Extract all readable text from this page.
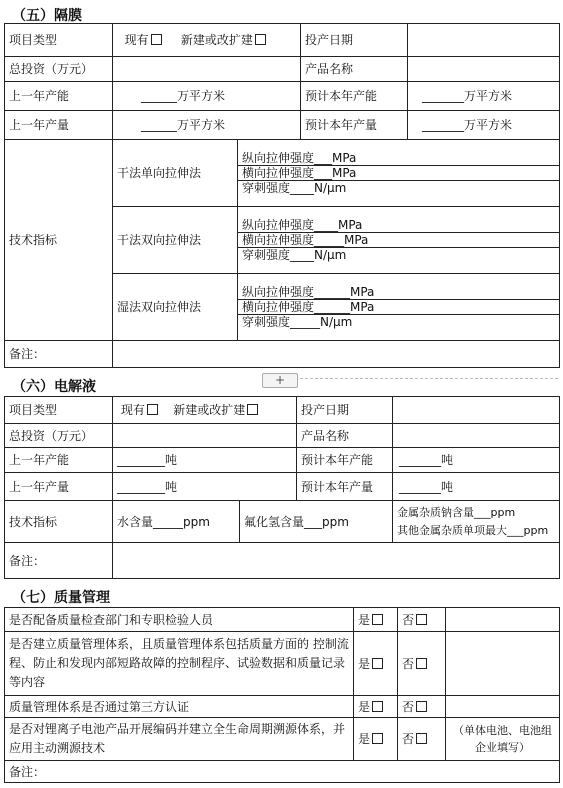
（五）隔膜
项目类型	现有 新建或改扩建		投产日期	
总投资（万元）			产品名称	
上一年产能	______万平方米		预计本年产能	_______万平方米
上一年产量	______万平方米		预计本年产量	_______万平方米
技术指标	干法单向拉伸法	纵向拉伸强度___MPa
横向拉伸强度___MPa
穿刺强度____N/μm		

	干法双向拉伸法	纵向拉伸强度____MPa
横向拉伸强度_____MPa
穿刺强度____N/μm		

	湿法双向拉伸法	纵向拉伸强度______MPa
横向拉伸强度______MPa
穿刺强度_____N/μm		

备注：				
+
（六）电解液
项目类型	现有 新建或改扩建		投产日期	
总投资（万元）			产品名称	
上一年产能	________吨		预计本年产能	_______吨
上一年产量	________吨		预计本年产量	_______吨
技术指标	水含量_____ppm	氟化氢含量___ppm		金属杂质钠含量___ppm
其他金属杂质单项最大___ppm

备注：				
（七）质量管理
是否配备质量检查部门和专职检验人员	是	否	
是否建立质量管理体系，且质量管理体系包括质量方面的 控制流程、防止和发现内部短路故障的控制程序、试验数据和质量记录等内容	是	否	
质量管理体系是否通过第三方认证	是	否	
是否对锂离子电池产品开展编码并建立全生命周期溯源体系，并应用主动溯源技术	是	否	（单体电池、电池组企业填写）
备注：			
